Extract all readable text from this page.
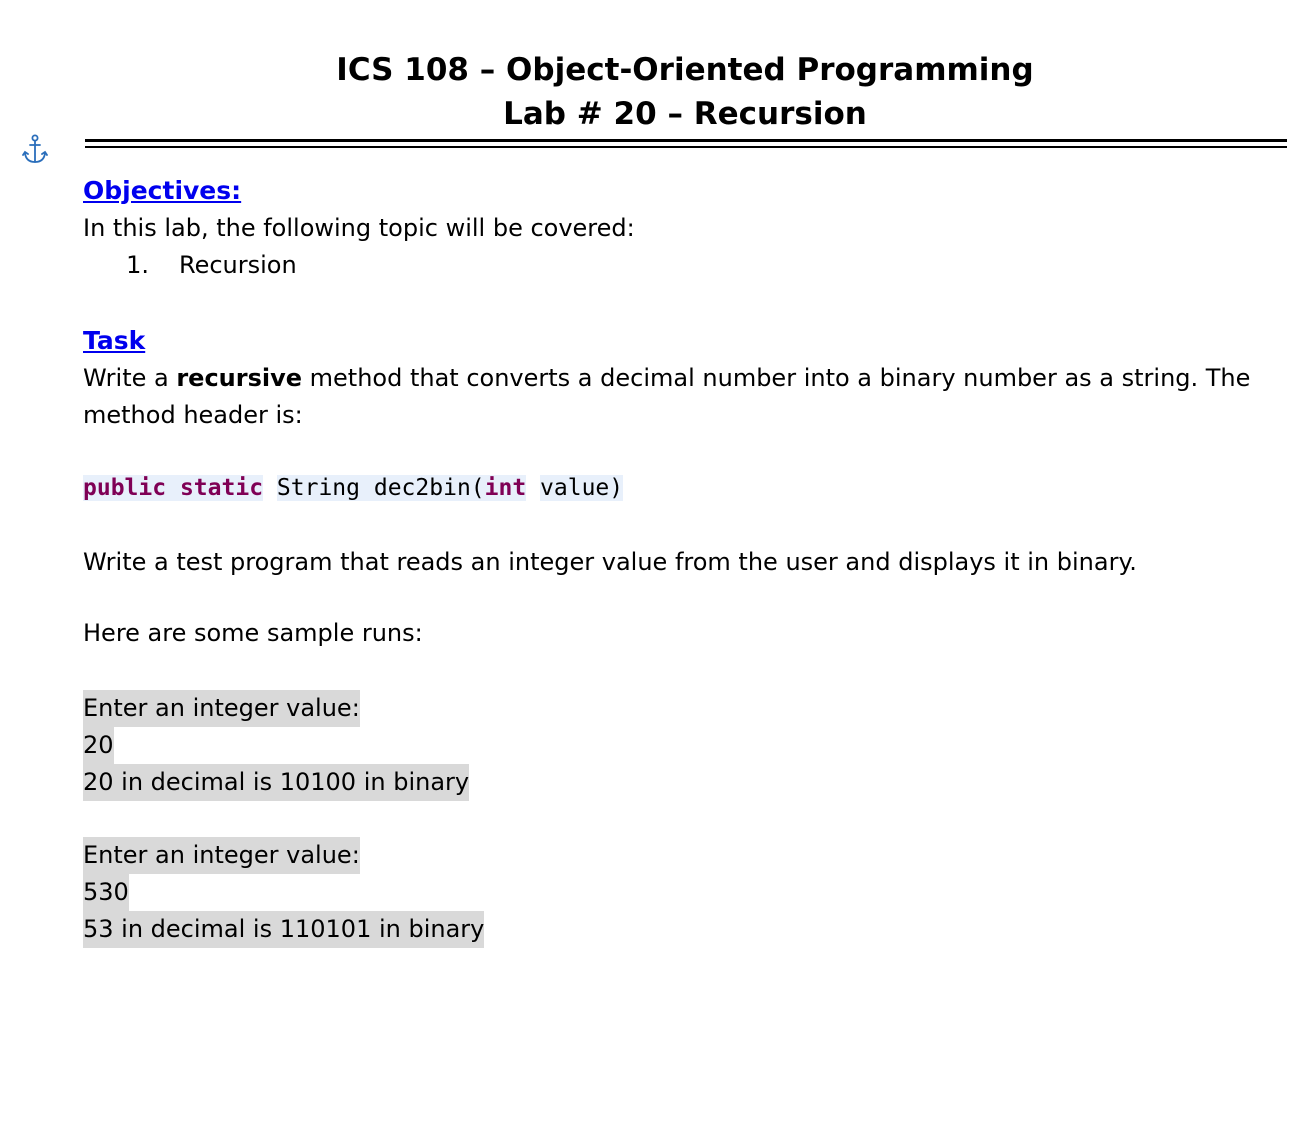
ICS 108 – Object-Oriented Programming
Lab # 20 – Recursion
Objectives:

In this lab, the following topic will be covered:

1.	Recursion
Task

Write a recursive method that converts a decimal number into a binary number as a string. The

method header is:

public static String dec2bin(int value)

Write a test program that reads an integer value from the user and displays it in binary.

Here are some sample runs:

Enter an integer value:
20
20 in decimal is 10100 in binary
Enter an integer value:
530
53 in decimal is 110101 in binary
